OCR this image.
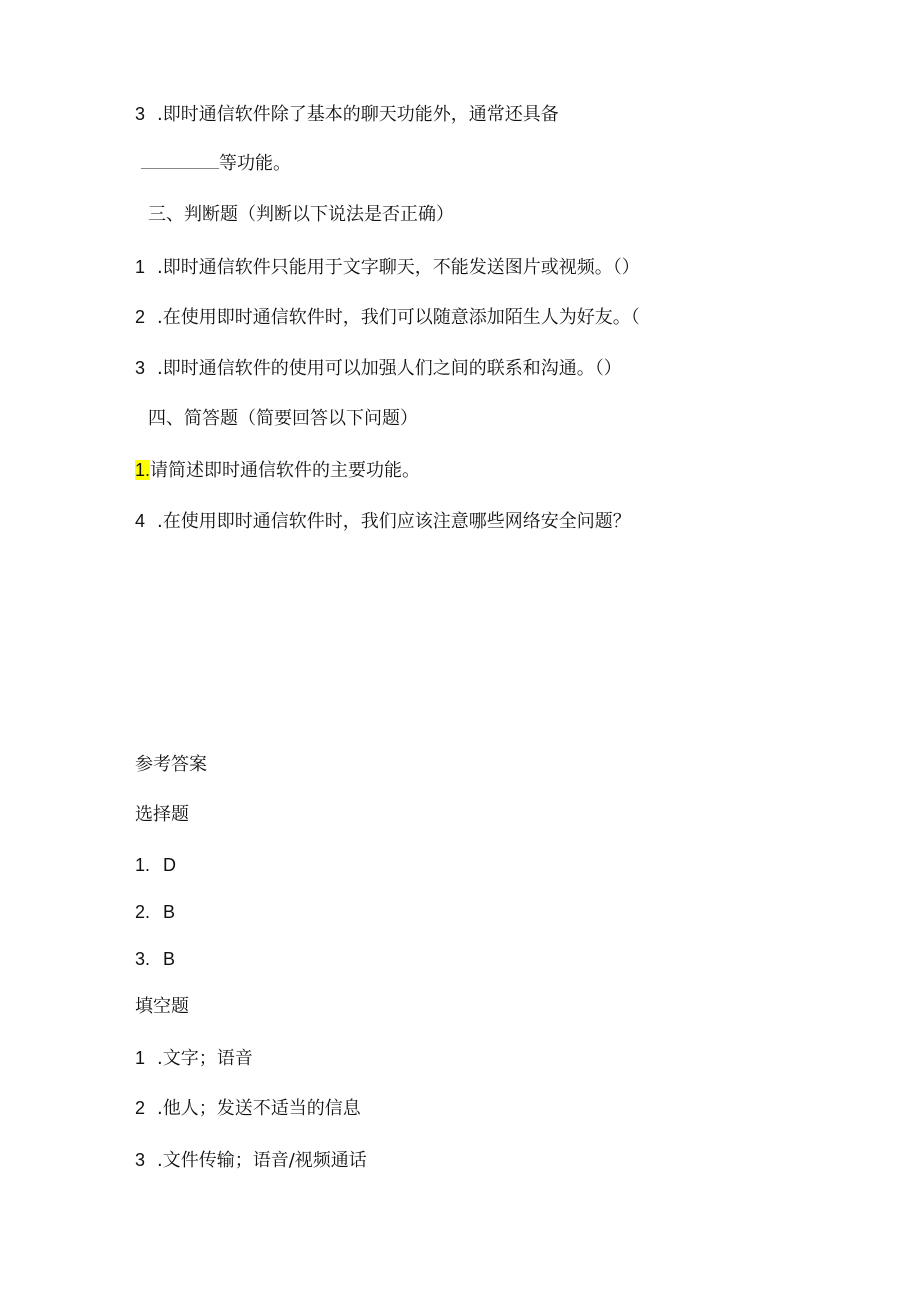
3 .即时通信软件除了基本的聊天功能外，通常还具备
等功能。
三、判断题（判断以下说法是否正确）
1 .即时通信软件只能用于文字聊天，不能发送图片或视频。（）
2 .在使用即时通信软件时，我们可以随意添加陌生人为好友。（
3 .即时通信软件的使用可以加强人们之间的联系和沟通。（）
四、简答题（简要回答以下问题）
1.请简述即时通信软件的主要功能。
4 .在使用即时通信软件时，我们应该注意哪些网络安全问题？
参考答案
选择题
1. D
2. B
3. B
填空题
1 .文字；语音
2 .他人；发送不适当的信息
3 .文件传输；语音/视频通话
